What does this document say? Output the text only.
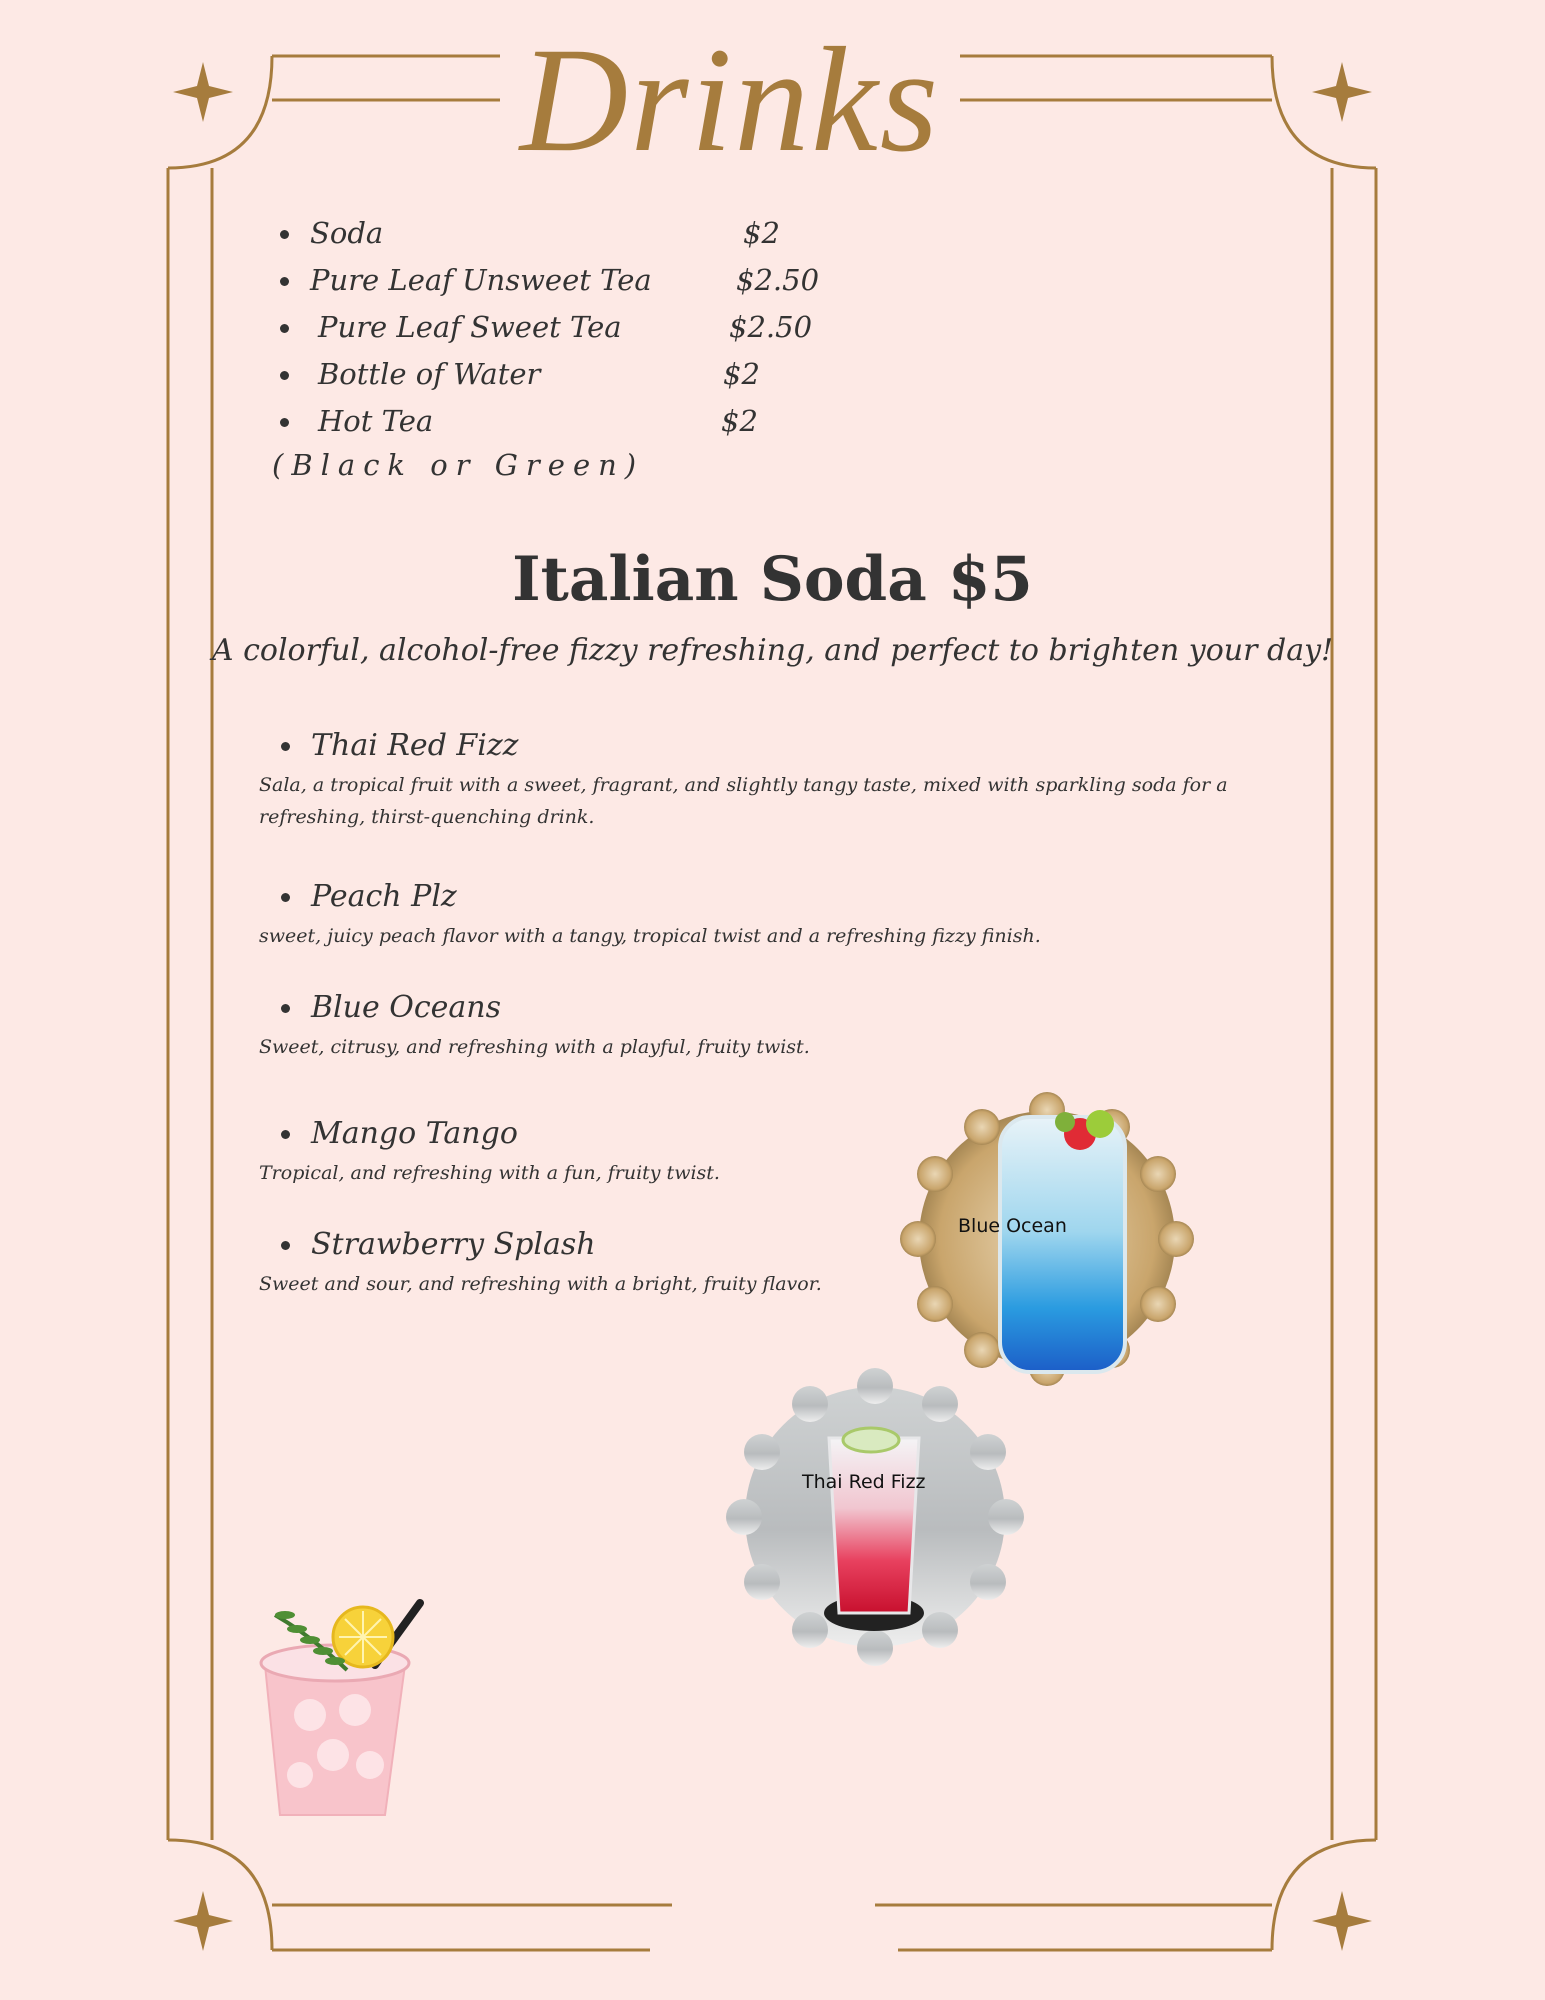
Drinks
Soda	$2
Pure Leaf Unsweet Tea	$2.50
Pure Leaf Sweet Tea	$2.50
Bottle of Water	$2
Hot Tea	$2
(Black or Green)
Italian Soda $5
A colorful, alcohol-free fizzy refreshing, and perfect to brighten your day!
Thai Red Fizz
Sala, a tropical fruit with a sweet, fragrant, and slightly tangy taste, mixed with sparkling soda for a refreshing, thirst-quenching drink.
Peach Plz
sweet, juicy peach flavor with a tangy, tropical twist and a refreshing fizzy finish.
Blue Oceans
Sweet, citrusy, and refreshing with a playful, fruity twist.
Mango Tango
Tropical, and refreshing with a fun, fruity twist.
Strawberry Splash
Sweet and sour, and refreshing with a bright, fruity flavor.
Blue Ocean
Thai Red Fizz
